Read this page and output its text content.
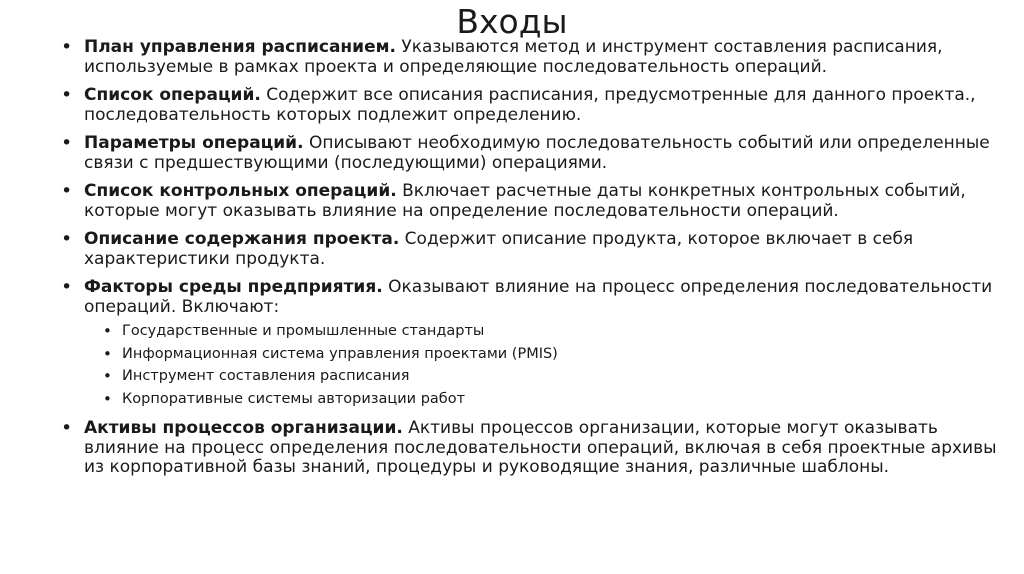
Входы
• План управления расписанием. Указываются метод и инструмент составления расписания, используемые в рамках проекта и определяющие последовательность операций.
• Список операций. Содержит все описания расписания, предусмотренные для данного проекта., последовательность которых подлежит определению.
• Параметры операций. Описывают необходимую последовательность событий или определенные связи с предшествующими (последующими) операциями.
• Список контрольных операций. Включает расчетные даты конкретных контрольных событий, которые могут оказывать влияние на определение последовательности операций.
• Описание содержания проекта. Содержит описание продукта, которое включает в себя характеристики продукта.
• Факторы среды предприятия. Оказывают влияние на процесс определения последовательности операций. Включают:
• Государственные и промышленные стандарты
• Информационная система управления проектами (PMIS)
• Инструмент составления расписания
• Корпоративные системы авторизации работ
• Активы процессов организации. Активы процессов организации, которые могут оказывать влияние на процесс определения последовательности операций, включая в себя проектные архивы из корпоративной базы знаний, процедуры и руководящие знания, различные шаблоны.
